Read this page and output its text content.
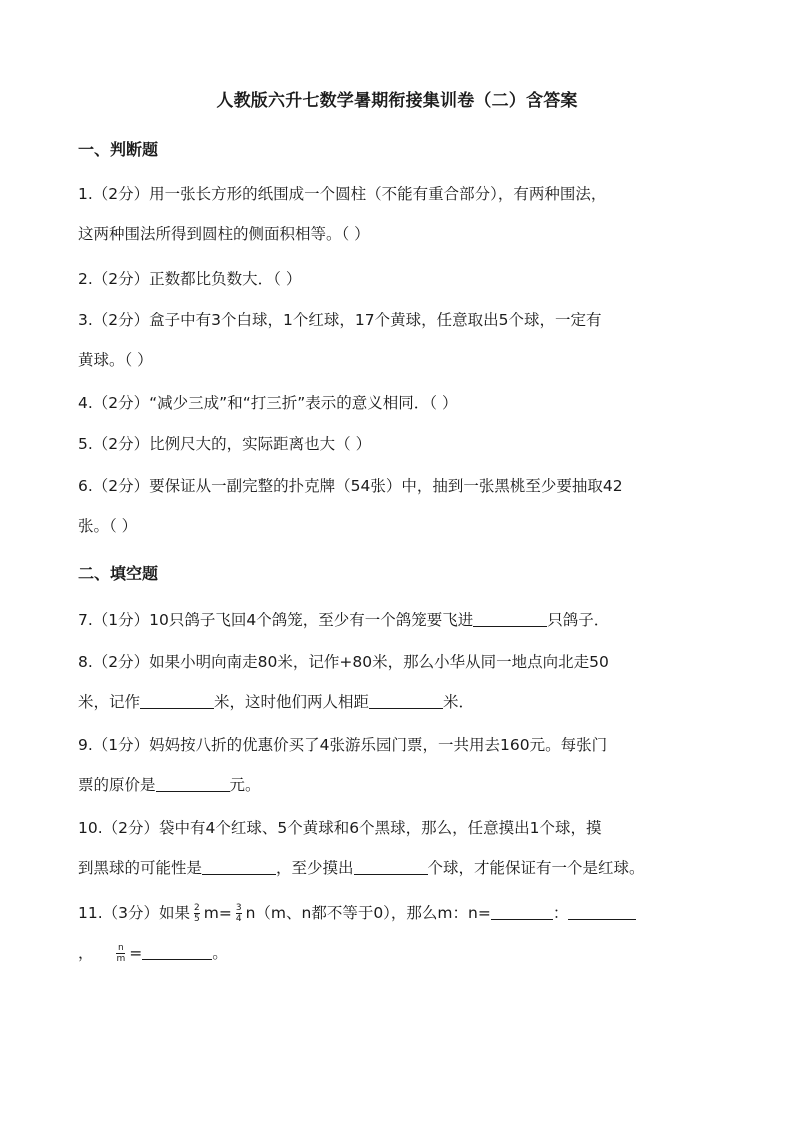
人教版六升七数学暑期衔接集训卷（二）含答案
一、判断题
1.（2分）用一张长方形的纸围成一个圆柱（不能有重合部分），有两种围法，
这两种围法所得到圆柱的侧面积相等。（ ）
2.（2分）正数都比负数大．（ ）
3.（2分）盒子中有3个白球，1个红球，17个黄球，任意取出5个球，一定有
黄球。（ ）
4.（2分）“减少三成”和“打三折”表示的意义相同．（ ）
5.（2分）比例尺大的，实际距离也大（ ）
6.（2分）要保证从一副完整的扑克牌（54张）中，抽到一张黑桃至少要抽取42
张。（ ）
二、填空题
7.（1分）10只鸽子飞回4个鸽笼，至少有一个鸽笼要飞进	只鸽子．
8.（2分）如果小明向南走80米，记作+80米，那么小华从同一地点向北走50
米，记作	米，这时他们两人相距	米．
9.（1分）妈妈按八折的优惠价买了4张游乐园门票，一共用去160元。每张门
票的原价是	元。
10.（2分）袋中有4个红球、5个黄球和6个黑球，那么，任意摸出1个球，摸
到黑球的可能性是	，至少摸出	个球，才能保证有一个是红球。
11.（3分）如果 $\frac{2}{5} m= \frac{3}{4} n(m$、n都不等于0），那么m：n=	：
，	$\frac{n}{m}$ =	。
